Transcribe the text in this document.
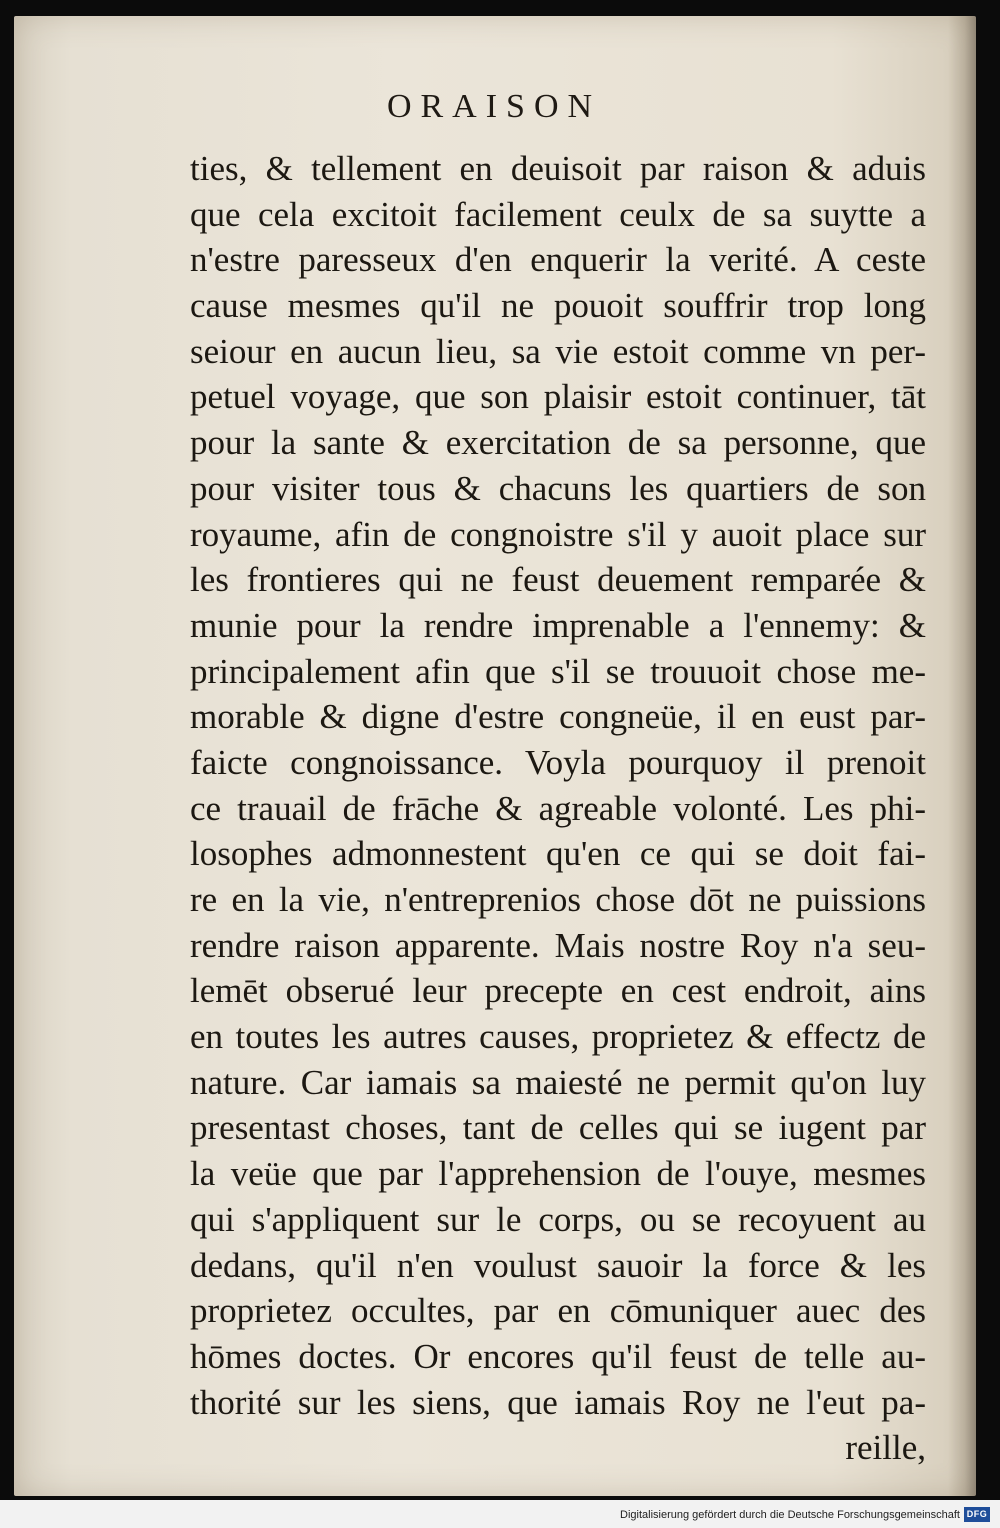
ORAISON
ties, & tellement en deuisoit par raison & aduis
que cela excitoit facilement ceulx de sa suytte a
n'estre paresseux d'en enquerir la verité. A ceste
cause mesmes qu'il ne pouoit souffrir trop long
seiour en aucun lieu, sa vie estoit comme vn per-
petuel voyage, que son plaisir estoit continuer, tāt
pour la sante & exercitation de sa personne, que
pour visiter tous & chacuns les quartiers de son
royaume, afin de congnoistre s'il y auoit place sur
les frontieres qui ne feust deuement remparée &
munie pour la rendre imprenable a l'ennemy: &
principalement afin que s'il se trouuoit chose me-
morable & digne d'estre congneüe, il en eust par-
faicte congnoissance. Voyla pourquoy il prenoit
ce trauail de frāche & agreable volonté. Les phi-
losophes admonnestent qu'en ce qui se doit fai-
re en la vie, n'entreprenios chose dōt ne puissions
rendre raison apparente. Mais nostre Roy n'a seu-
lemēt obserué leur precepte en cest endroit, ains
en toutes les autres causes, proprietez & effectz de
nature. Car iamais sa maiesté ne permit qu'on luy
presentast choses, tant de celles qui se iugent par
la veüe que par l'apprehension de l'ouye, mesmes
qui s'appliquent sur le corps, ou se recoyuent au
dedans, qu'il n'en voulust sauoir la force & les
proprietez occultes, par en cōmuniquer auec des
hōmes doctes. Or encores qu'il feust de telle au-
thorité sur les siens, que iamais Roy ne l'eut pa-
reille,
Digitalisierung gefördert durch die Deutsche Forschungsgemeinschaft DFG
